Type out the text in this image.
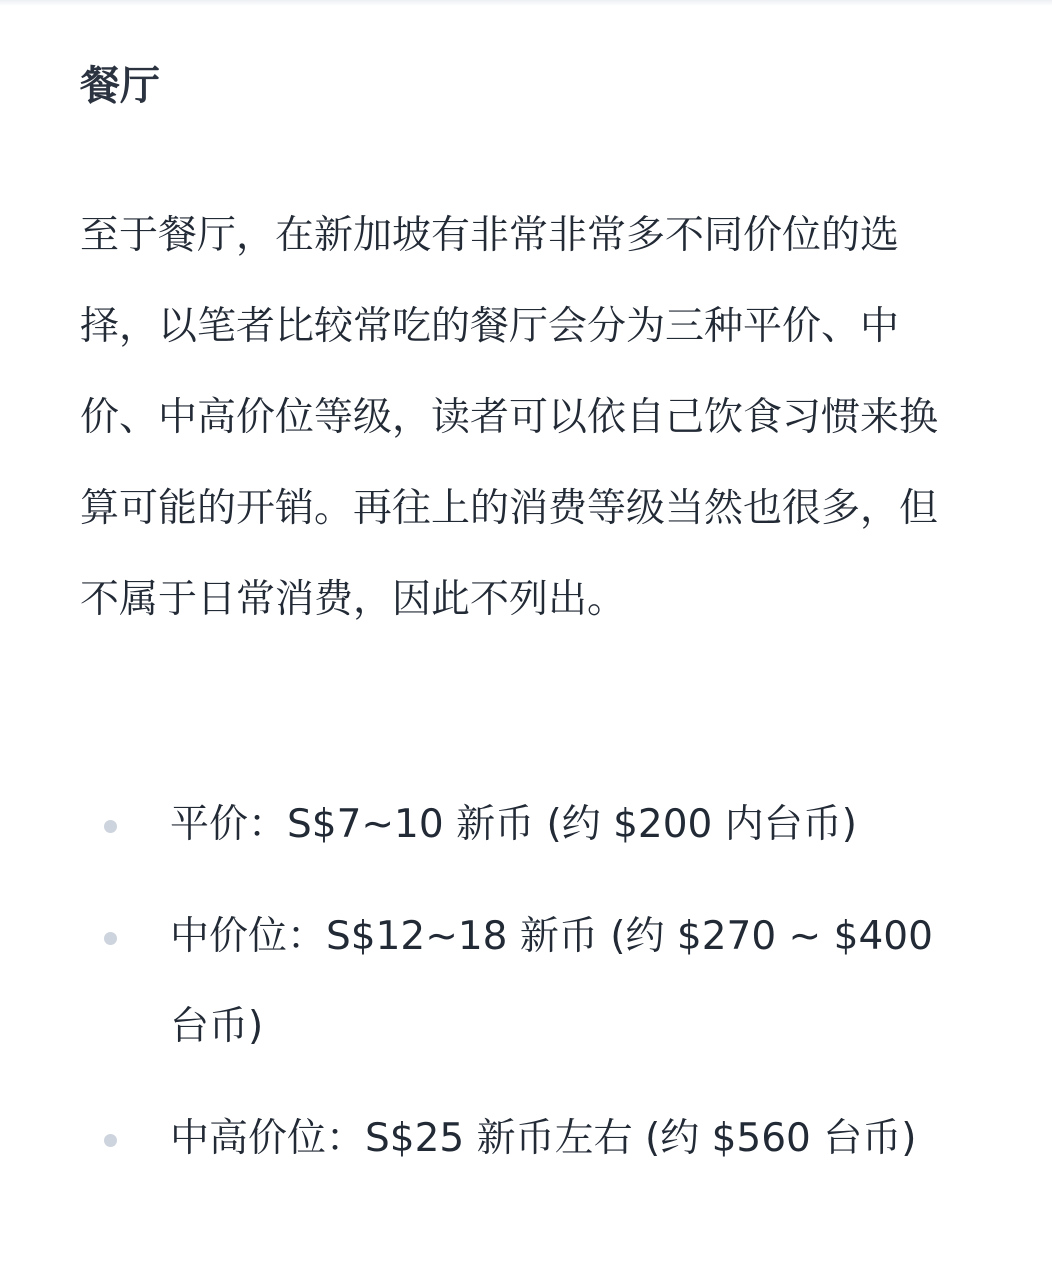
餐厅

至于餐厅，在新加坡有非常非常多不同价位的选择，以笔者比较常吃的餐厅会分为三种平价、中价、中高价位等级，读者可以依自己饮食习惯来换算可能的开销。再往上的消费等级当然也很多，但不属于日常消费，因此不列出。

平价：S$7~10 新币 (约 $200 内台币)
中价位：S$12~18 新币 (约 $270 ~ $400 台币)
中高价位：S$25 新币左右 (约 $560 台币)
